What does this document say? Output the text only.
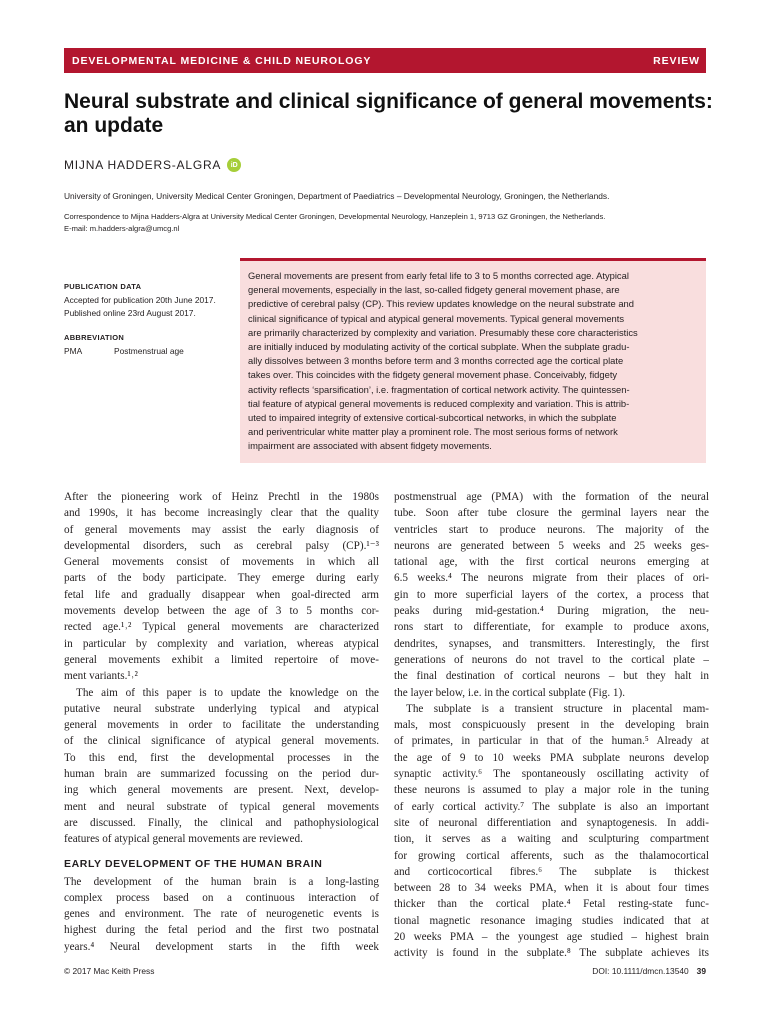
DEVELOPMENTAL MEDICINE & CHILD NEUROLOGY	REVIEW
Neural substrate and clinical significance of general movements:
an update
MIJNA HADDERS-ALGRA	iD
University of Groningen, University Medical Center Groningen, Department of Paediatrics – Developmental Neurology, Groningen, the Netherlands.
Correspondence to Mijna Hadders-Algra at University Medical Center Groningen, Developmental Neurology, Hanzeplein 1, 9713 GZ Groningen, the Netherlands.
E-mail: m.hadders-algra@umcg.nl
PUBLICATION DATA
Accepted for publication 20th June 2017.
Published online 23rd August 2017.
ABBREVIATION
PMA	Postmenstrual age
General movements are present from early fetal life to 3 to 5 months corrected age. Atypical
general movements, especially in the last, so-called fidgety general movement phase, are
predictive of cerebral palsy (CP). This review updates knowledge on the neural substrate and
clinical significance of typical and atypical general movements. Typical general movements
are primarily characterized by complexity and variation. Presumably these core characteristics
are initially induced by modulating activity of the cortical subplate. When the subplate gradu-
ally dissolves between 3 months before term and 3 months corrected age the cortical plate
takes over. This coincides with the fidgety general movement phase. Conceivably, fidgety
activity reflects ‘sparsification’, i.e. fragmentation of cortical network activity. The quintessen-
tial feature of atypical general movements is reduced complexity and variation. This is attrib-
uted to impaired integrity of extensive cortical-subcortical networks, in which the subplate
and periventricular white matter play a prominent role. The most serious forms of network
impairment are associated with absent fidgety movements.
After the pioneering work of Heinz Prechtl in the 1980s
and 1990s, it has become increasingly clear that the quality
of general movements may assist the early diagnosis of
developmental disorders, such as cerebral palsy (CP).¹⁻³
General movements consist of movements in which all
parts of the body participate. They emerge during early
fetal life and gradually disappear when goal-directed arm
movements develop between the age of 3 to 5 months cor-
rected age.¹˒² Typical general movements are characterized
in particular by complexity and variation, whereas atypical
general movements exhibit a limited repertoire of move-
ment variants.¹˒²
The aim of this paper is to update the knowledge on the
putative neural substrate underlying typical and atypical
general movements in order to facilitate the understanding
of the clinical significance of atypical general movements.
To this end, first the developmental processes in the
human brain are summarized focussing on the period dur-
ing which general movements are present. Next, develop-
ment and neural substrate of typical general movements
are discussed. Finally, the clinical and pathophysiological
features of atypical general movements are reviewed.
EARLY DEVELOPMENT OF THE HUMAN BRAIN
The development of the human brain is a long-lasting
complex process based on a continuous interaction of
genes and environment. The rate of neurogenetic events is
highest during the fetal period and the first two postnatal
years.⁴ Neural development starts in the fifth week
postmenstrual age (PMA) with the formation of the neural
tube. Soon after tube closure the germinal layers near the
ventricles start to produce neurons. The majority of the
neurons are generated between 5 weeks and 25 weeks ges-
tational age, with the first cortical neurons emerging at
6.5 weeks.⁴ The neurons migrate from their places of ori-
gin to more superficial layers of the cortex, a process that
peaks during mid-gestation.⁴ During migration, the neu-
rons start to differentiate, for example to produce axons,
dendrites, synapses, and transmitters. Interestingly, the first
generations of neurons do not travel to the cortical plate –
the final destination of cortical neurons – but they halt in
the layer below, i.e. in the cortical subplate (Fig. 1).
The subplate is a transient structure in placental mam-
mals, most conspicuously present in the developing brain
of primates, in particular in that of the human.⁵ Already at
the age of 9 to 10 weeks PMA subplate neurons develop
synaptic activity.⁶ The spontaneously oscillating activity of
these neurons is assumed to play a major role in the tuning
of early cortical activity.⁷ The subplate is also an important
site of neuronal differentiation and synaptogenesis. In addi-
tion, it serves as a waiting and sculpturing compartment
for growing cortical afferents, such as the thalamocortical
and corticocortical fibres.⁶ The subplate is thickest
between 28 to 34 weeks PMA, when it is about four times
thicker than the cortical plate.⁴ Fetal resting-state func-
tional magnetic resonance imaging studies indicated that at
20 weeks PMA – the youngest age studied – highest brain
activity is found in the subplate.⁸ The subplate achieves its
© 2017 Mac Keith Press	DOI: 10.1111/dmcn.13540 39
